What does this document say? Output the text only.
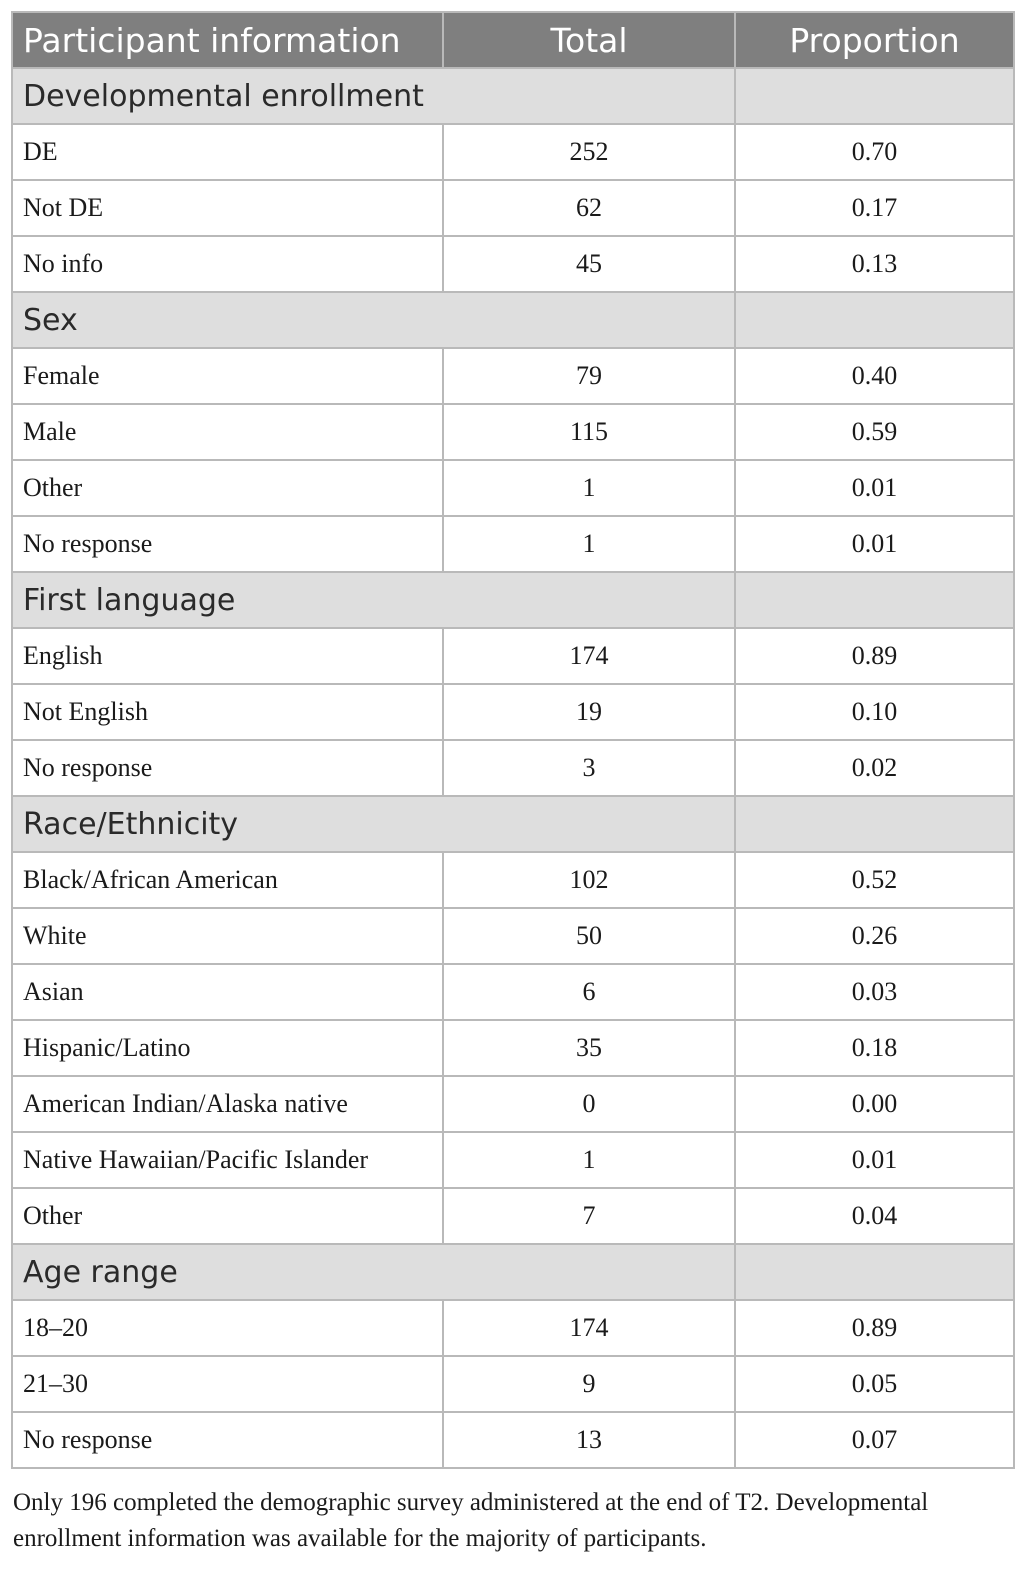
Participant information	Total	Proportion
Developmental enrollment		
DE	252	0.70
Not DE	62	0.17
No info	45	0.13
Sex		
Female	79	0.40
Male	115	0.59
Other	1	0.01
No response	1	0.01
First language		
English	174	0.89
Not English	19	0.10
No response	3	0.02
Race/Ethnicity		
Black/African American	102	0.52
White	50	0.26
Asian	6	0.03
Hispanic/Latino	35	0.18
American Indian/Alaska native	0	0.00
Native Hawaiian/Pacific Islander	1	0.01
Other	7	0.04
Age range		
18–20	174	0.89
21–30	9	0.05
No response	13	0.07

Only 196 completed the demographic survey administered at the end of T2. Developmental enrollment information was available for the majority of participants.
